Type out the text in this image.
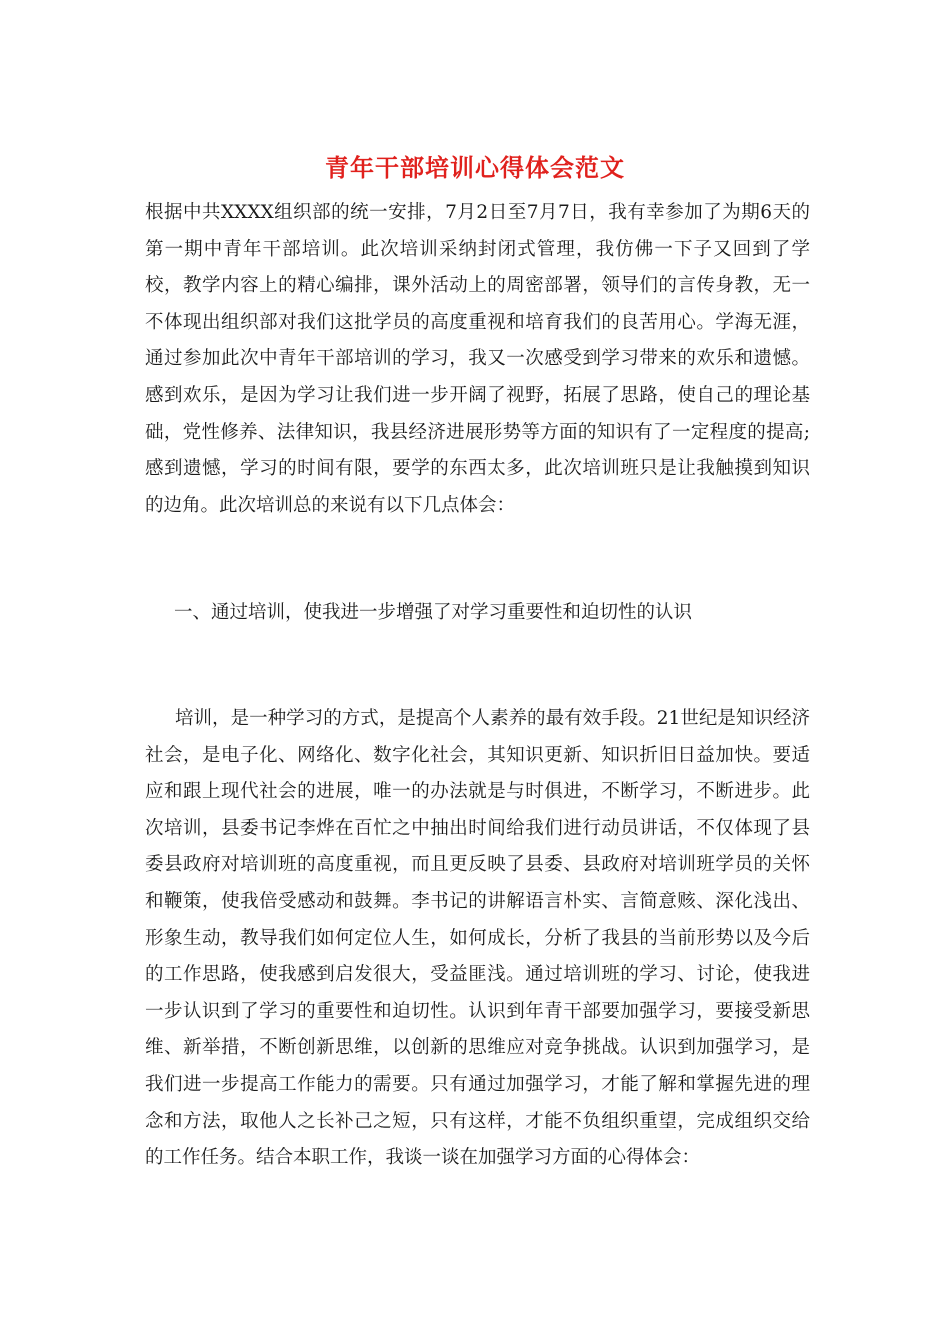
青年干部培训心得体会范文

根据中共XXXX组织部的统一安排，7月2日至7月7日，我有幸参加了为期6天的第一期中青年干部培训。此次培训采纳封闭式管理，我仿佛一下子又回到了学校，教学内容上的精心编排，课外活动上的周密部署，领导们的言传身教，无一不体现出组织部对我们这批学员的高度重视和培育我们的良苦用心。学海无涯，通过参加此次中青年干部培训的学习，我又一次感受到学习带来的欢乐和遗憾。感到欢乐，是因为学习让我们进一步开阔了视野，拓展了思路，使自己的理论基础，党性修养、法律知识，我县经济进展形势等方面的知识有了一定程度的提高;感到遗憾，学习的时间有限，要学的东西太多，此次培训班只是让我触摸到知识的边角。此次培训总的来说有以下几点体会：

一、通过培训，使我进一步增强了对学习重要性和迫切性的认识

培训，是一种学习的方式，是提高个人素养的最有效手段。21世纪是知识经济社会，是电子化、网络化、数字化社会，其知识更新、知识折旧日益加快。要适应和跟上现代社会的进展，唯一的办法就是与时俱进，不断学习，不断进步。此次培训，县委书记李烨在百忙之中抽出时间给我们进行动员讲话，不仅体现了县委县政府对培训班的高度重视，而且更反映了县委、县政府对培训班学员的关怀和鞭策，使我倍受感动和鼓舞。李书记的讲解语言朴实、言简意赅、深化浅出、形象生动，教导我们如何定位人生，如何成长，分析了我县的当前形势以及今后的工作思路，使我感到启发很大，受益匪浅。通过培训班的学习、讨论，使我进一步认识到了学习的重要性和迫切性。认识到年青干部要加强学习，要接受新思维、新举措，不断创新思维，以创新的思维应对竞争挑战。认识到加强学习，是我们进一步提高工作能力的需要。只有通过加强学习，才能了解和掌握先进的理念和方法，取他人之长补己之短，只有这样，才能不负组织重望，完成组织交给的工作任务。结合本职工作，我谈一谈在加强学习方面的心得体会：
